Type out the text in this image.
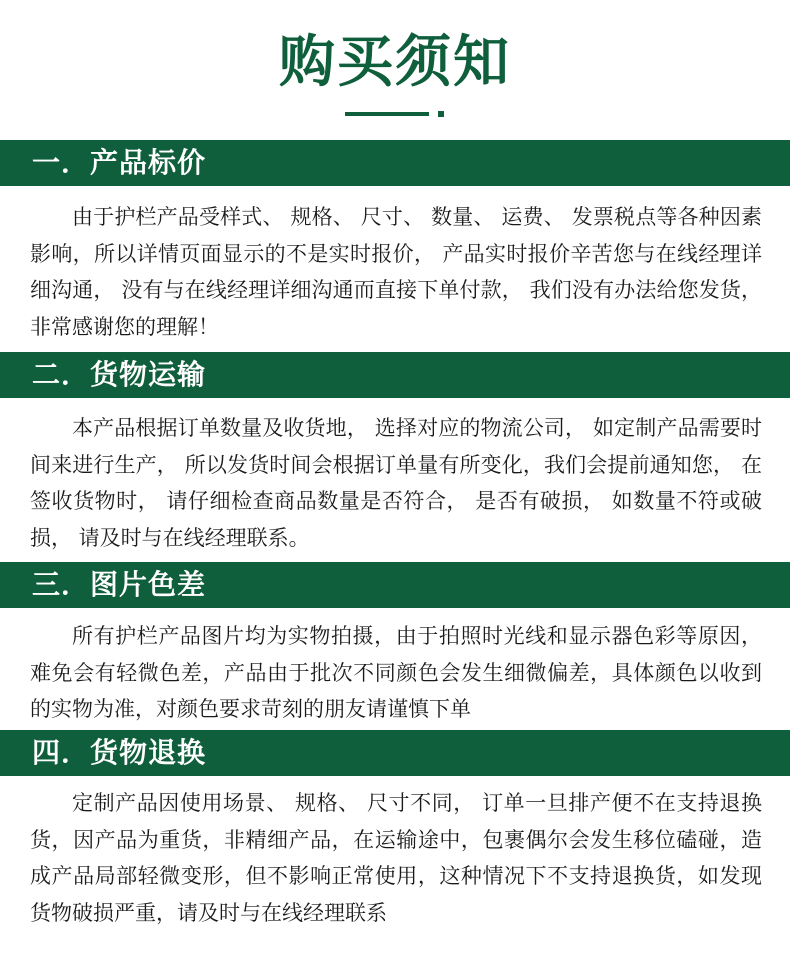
购买须知
一．产品标价
由于护栏产品受样式、 规格、 尺寸、 数量、 运费、 发票税点等各种因素影响，所以详情页面显示的不是实时报价， 产品实时报价辛苦您与在线经理详细沟通， 没有与在线经理详细沟通而直接下单付款， 我们没有办法给您发货， 非常感谢您的理解！
二．货物运输
本产品根据订单数量及收货地， 选择对应的物流公司， 如定制产品需要时间来进行生产， 所以发货时间会根据订单量有所变化，我们会提前通知您， 在签收货物时， 请仔细检查商品数量是否符合， 是否有破损， 如数量不符或破损， 请及时与在线经理联系。
三．图片色差
所有护栏产品图片均为实物拍摄，由于拍照时光线和显示器色彩等原因，难免会有轻微色差，产品由于批次不同颜色会发生细微偏差，具体颜色以收到的实物为准，对颜色要求苛刻的朋友请谨慎下单
四．货物退换
定制产品因使用场景、 规格、 尺寸不同， 订单一旦排产便不在支持退换货，因产品为重货，非精细产品，在运输途中，包裹偶尔会发生移位磕碰，造成产品局部轻微变形，但不影响正常使用，这种情况下不支持退换货，如发现货物破损严重，请及时与在线经理联系
